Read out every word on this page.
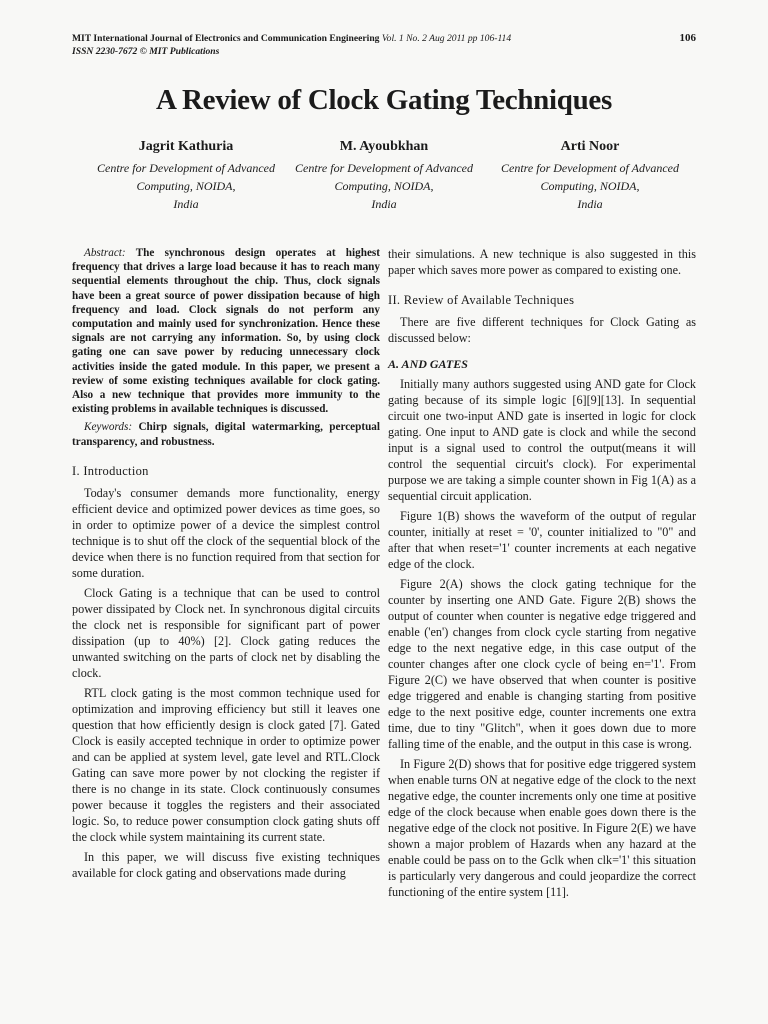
MIT International Journal of Electronics and Communication Engineering Vol. 1 No. 2 Aug 2011 pp 106-114
ISSN 2230-7672 © MIT Publications
106
A Review of Clock Gating Techniques
Jagrit Kathuria
Centre for Development of Advanced
Computing, NOIDA,
India
M. Ayoubkhan
Centre for Development of Advanced
Computing, NOIDA,
India
Arti Noor
Centre for Development of Advanced
Computing, NOIDA,
India

Abstract: The synchronous design operates at highest frequency that drives a large load because it has to reach many sequential elements throughout the chip. Thus, clock signals have been a great source of power dissipation because of high frequency and load. Clock signals do not perform any computation and mainly used for synchronization. Hence these signals are not carrying any information. So, by using clock gating one can save power by reducing unnecessary clock activities inside the gated module. In this paper, we present a review of some existing techniques available for clock gating. Also a new technique that provides more immunity to the existing problems in available techniques is discussed.

Keywords: Chirp signals, digital watermarking, perceptual transparency, and robustness.

I. Introduction

Today's consumer demands more functionality, energy efficient device and optimized power devices as time goes, so in order to optimize power of a device the simplest control technique is to shut off the clock of the sequential block of the device when there is no function required from that section for some duration.

Clock Gating is a technique that can be used to control power dissipated by Clock net. In synchronous digital circuits the clock net is responsible for significant part of power dissipation (up to 40%) [2]. Clock gating reduces the unwanted switching on the parts of clock net by disabling the clock.

RTL clock gating is the most common technique used for optimization and improving efficiency but still it leaves one question that how efficiently design is clock gated [7]. Gated Clock is easily accepted technique in order to optimize power and can be applied at system level, gate level and RTL.Clock Gating can save more power by not clocking the register if there is no change in its state. Clock continuously consumes power because it toggles the registers and their associated logic. So, to reduce power consumption clock gating shuts off the clock while system maintaining its current state.

In this paper, we will discuss five existing techniques available for clock gating and observations made during

their simulations. A new technique is also suggested in this paper which saves more power as compared to existing one.

II. Review of Available Techniques

There are five different techniques for Clock Gating as discussed below:

A. AND GATES

Initially many authors suggested using AND gate for Clock gating because of its simple logic [6][9][13]. In sequential circuit one two-input AND gate is inserted in logic for clock gating. One input to AND gate is clock and while the second input is a signal used to control the output(means it will control the sequential circuit's clock). For experimental purpose we are taking a simple counter shown in Fig 1(A) as a sequential circuit application.

Figure 1(B) shows the waveform of the output of regular counter, initially at reset = '0', counter initialized to "0" and after that when reset='1' counter increments at each negative edge of the clock.

Figure 2(A) shows the clock gating technique for the counter by inserting one AND Gate. Figure 2(B) shows the output of counter when counter is negative edge triggered and enable ('en') changes from clock cycle starting from negative edge to the next negative edge, in this case output of the counter changes after one clock cycle of being en='1'. From Figure 2(C) we have observed that when counter is positive edge triggered and enable is changing starting from positive edge to the next positive edge, counter increments one extra time, due to tiny "Glitch", when it goes down due to more falling time of the enable, and the output in this case is wrong.

In Figure 2(D) shows that for positive edge triggered system when enable turns ON at negative edge of the clock to the next negative edge, the counter increments only one time at positive edge of the clock because when enable goes down there is the negative edge of the clock not positive. In Figure 2(E) we have shown a major problem of Hazards when any hazard at the enable could be pass on to the Gclk when clk='1' this situation is particularly very dangerous and could jeopardize the correct functioning of the entire system [11].
